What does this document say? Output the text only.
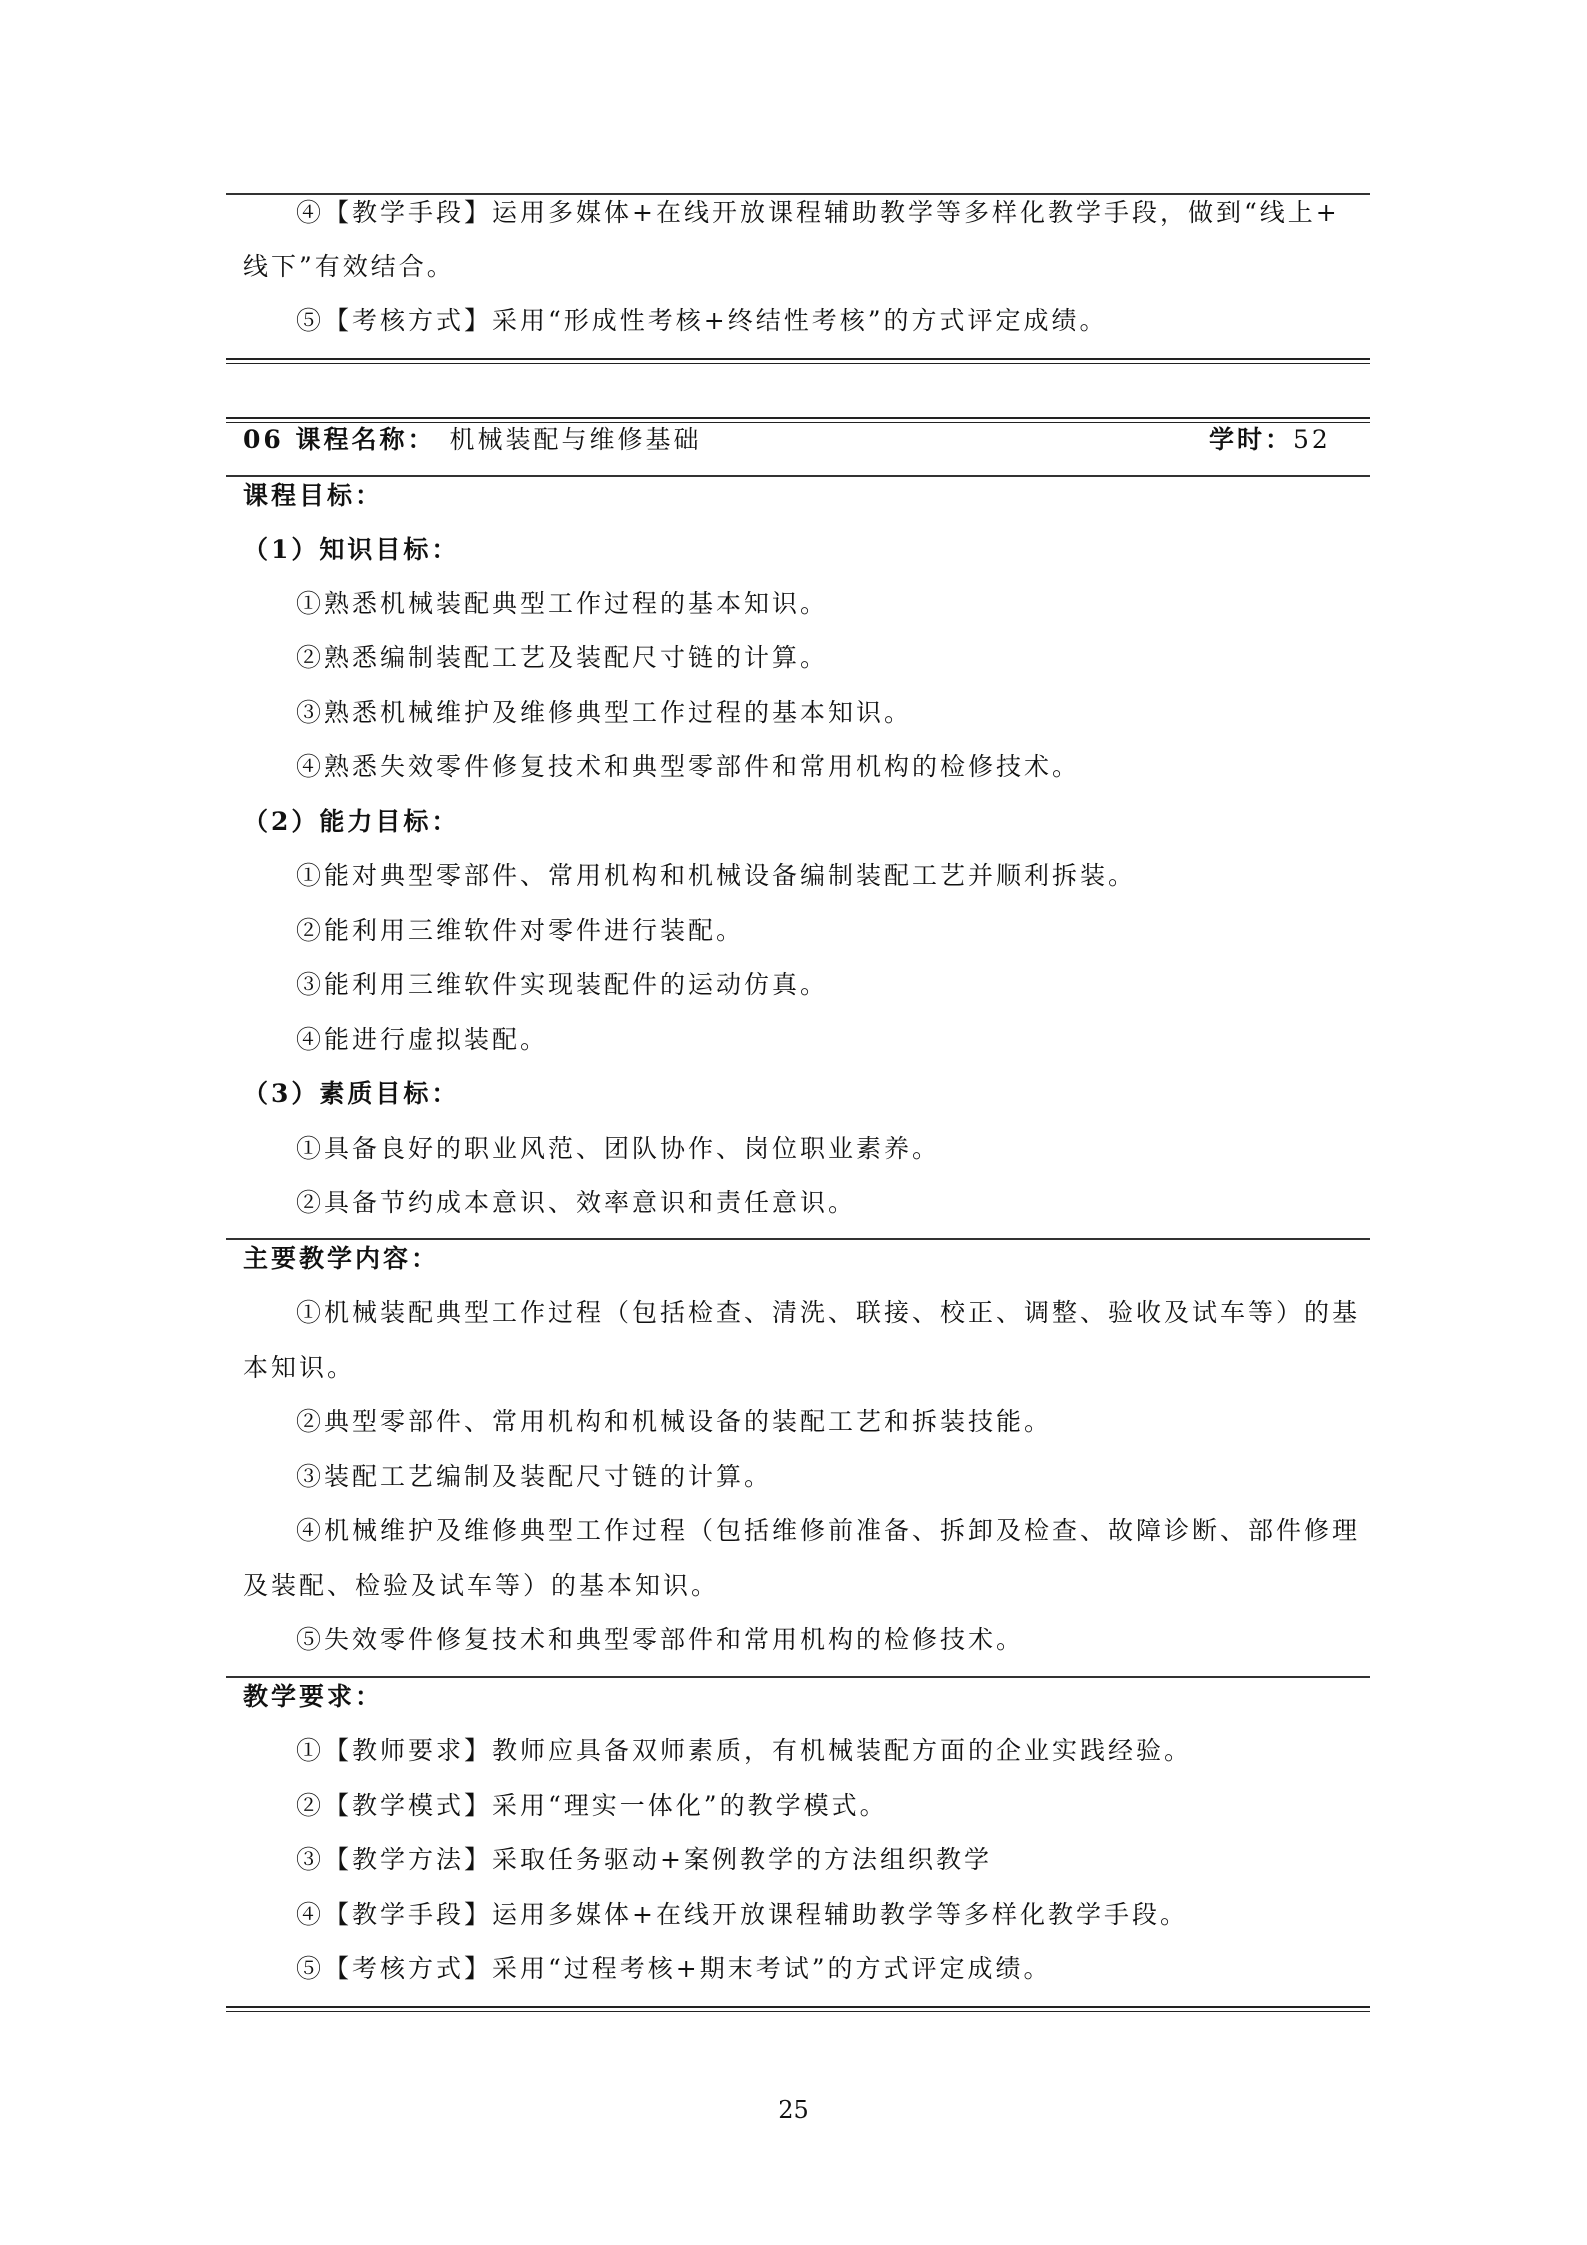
④【教学手段】运用多媒体+在线开放课程辅助教学等多样化教学手段，做到“线上+
线下”有效结合。
⑤【考核方式】采用“形成性考核+终结性考核”的方式评定成绩。
06 课程名称： 机械装配与维修基础	学时：52
课程目标：
（1）知识目标：
①熟悉机械装配典型工作过程的基本知识。
②熟悉编制装配工艺及装配尺寸链的计算。
③熟悉机械维护及维修典型工作过程的基本知识。
④熟悉失效零件修复技术和典型零部件和常用机构的检修技术。
（2）能力目标：
①能对典型零部件、常用机构和机械设备编制装配工艺并顺利拆装。
②能利用三维软件对零件进行装配。
③能利用三维软件实现装配件的运动仿真。
④能进行虚拟装配。
（3）素质目标：
①具备良好的职业风范、团队协作、岗位职业素养。
②具备节约成本意识、效率意识和责任意识。
主要教学内容：
①机械装配典型工作过程（包括检查、清洗、联接、校正、调整、验收及试车等）的基
本知识。
②典型零部件、常用机构和机械设备的装配工艺和拆装技能。
③装配工艺编制及装配尺寸链的计算。
④机械维护及维修典型工作过程（包括维修前准备、拆卸及检查、故障诊断、部件修理
及装配、检验及试车等）的基本知识。
⑤失效零件修复技术和典型零部件和常用机构的检修技术。
教学要求：
①【教师要求】教师应具备双师素质，有机械装配方面的企业实践经验。
②【教学模式】采用“理实一体化”的教学模式。
③【教学方法】采取任务驱动+案例教学的方法组织教学
④【教学手段】运用多媒体+在线开放课程辅助教学等多样化教学手段。
⑤【考核方式】采用“过程考核+期末考试”的方式评定成绩。
25
